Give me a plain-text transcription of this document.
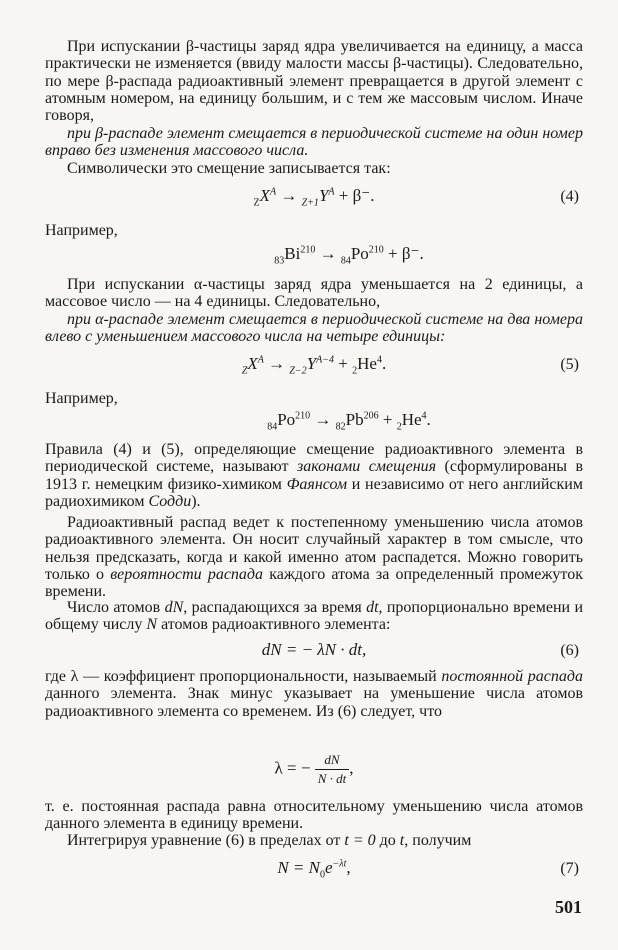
При испускании β-частицы заряд ядра увеличивается на единицу, а масса практически не изменяется (ввиду малости массы β-частицы). Следовательно, по мере β-распада радиоактивный элемент превращается в другой элемент с атомным номером, на единицу большим, и с тем же массовым числом. Иначе говоря,

при β-распаде элемент смещается в периодической системе на один номер вправо без изменения массового числа.

Символически это смещение записывается так:

$_ZX^A \to _{Z+1}Y^A + \beta^-$.	(4)

Например,

$_{83}Bi^{210} \to _{84}Po^{210} + \beta^-$.

При испускании α-частицы заряд ядра уменьшается на 2 единицы, а массовое число — на 4 единицы. Следовательно,

при α-распаде элемент смещается в периодической системе на два номера влево с уменьшением массового числа на четыре единицы:

$_ZX^A \to _{Z-2}Y^{A-4} + _2He^4$.	(5)

Например,

$_{84}Po^{210} \to _{82}Pb^{206} + _2He^4$.

Правила (4) и (5), определяющие смещение радиоактивного элемента в периодической системе, называют законами смещения (сформулированы в 1913 г. немецким физико-химиком Фаянсом и независимо от него английским радиохимиком Содди).

Радиоактивный распад ведет к постепенному уменьшению числа атомов радиоактивного элемента. Он носит случайный характер в том смысле, что нельзя предсказать, когда и какой именно атом распадется. Можно говорить только о вероятности распада каждого атома за определенный промежуток времени.

Число атомов dN, распадающихся за время dt, пропорционально времени и общему числу N атомов радиоактивного элемента:

dN = − λN · dt,	(6)

где λ — коэффициент пропорциональности, называемый постоянной распада данного элемента. Знак минус указывает на уменьшение числа атомов радиоактивного элемента со временем. Из (6) следует, что

λ = − $\frac{dN}{N \cdot dt}$ ,

т. е. постоянная распада равна относительному уменьшению числа атомов данного элемента в единицу времени.

Интегрируя уравнение (6) в пределах от t = 0 до t, получим

$N = N_0e^{-\lambda t}$,	(7)
501
